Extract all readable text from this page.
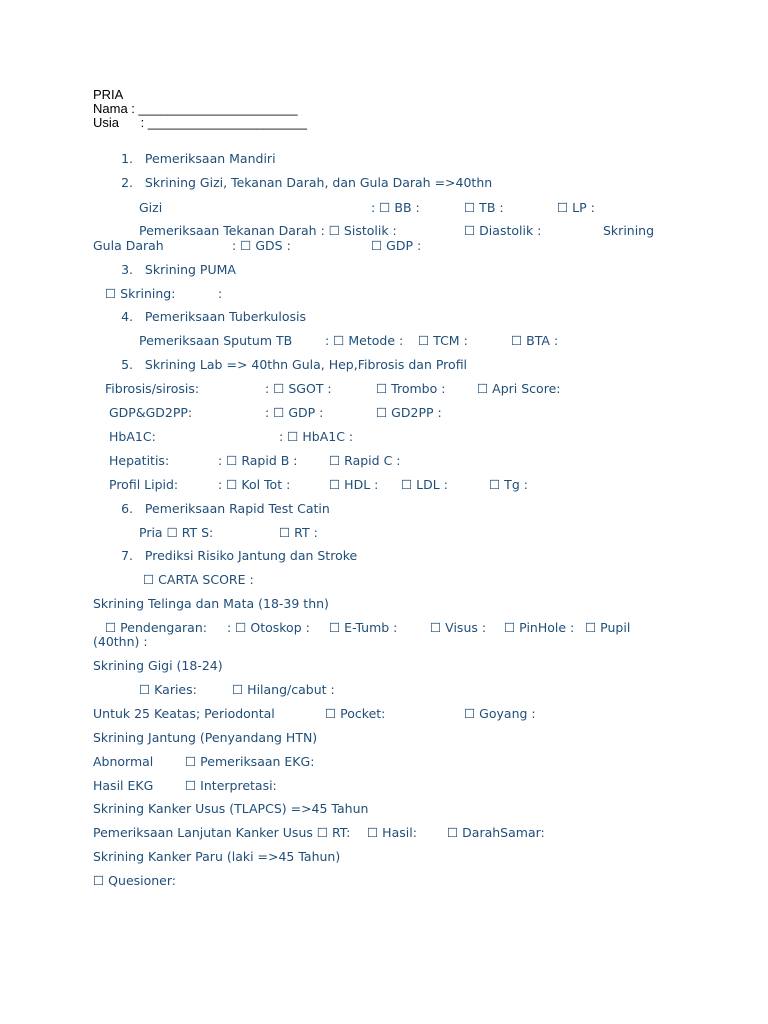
PRIA
Nama : ______________________
Usia      : ______________________
1. Pemeriksaan Mandiri
2. Skrining Gizi, Tekanan Darah, dan Gula Darah =>40thn
Gizi	: ☐ BB :	☐ TB :	☐ LP :
Pemeriksaan Tekanan Darah : ☐ Sistolik :	☐ Diastolik :	Skrining
Gula Darah	: ☐ GDS :	☐ GDP :
3. Skrining PUMA
☐ Skrining:	:
4. Pemeriksaan Tuberkulosis
Pemeriksaan Sputum TB	: ☐ Metode : ☐ TCM :	☐ BTA :
5. Skrining Lab => 40thn Gula, Hep,Fibrosis dan Profil
Fibrosis/sirosis:	: ☐ SGOT :	☐ Trombo :	☐ Apri Score:
GDP&GD2PP:	: ☐ GDP :	☐ GD2PP :
HbA1C:	: ☐ HbA1C :
Hepatitis:	: ☐ Rapid B :	☐ Rapid C :
Profil Lipid:	: ☐ Kol Tot :	☐ HDL : ☐ LDL :	☐ Tg :
6. Pemeriksaan Rapid Test Catin
Pria ☐ RT S:	☐ RT :
7. Prediksi Risiko Jantung dan Stroke
☐ CARTA SCORE :
Skrining Telinga dan Mata (18-39 thn)
☐ Pendengaran: : ☐ Otoskop : ☐ E-Tumb :	☐ Visus : ☐ PinHole : ☐ Pupil
(40thn) :
Skrining Gigi (18-24)
☐ Karies:	☐ Hilang/cabut :
Untuk 25 Keatas; Periodontal	☐ Pocket:	☐ Goyang :
Skrining Jantung (Penyandang HTN)
Abnormal	☐ Pemeriksaan EKG:
Hasil EKG	☐ Interpretasi:
Skrining Kanker Usus (TLAPCS) =>45 Tahun
Pemeriksaan Lanjutan Kanker Usus ☐ RT: ☐ Hasil: ☐ DarahSamar:
Skrining Kanker Paru (laki =>45 Tahun)
☐ Quesioner:
